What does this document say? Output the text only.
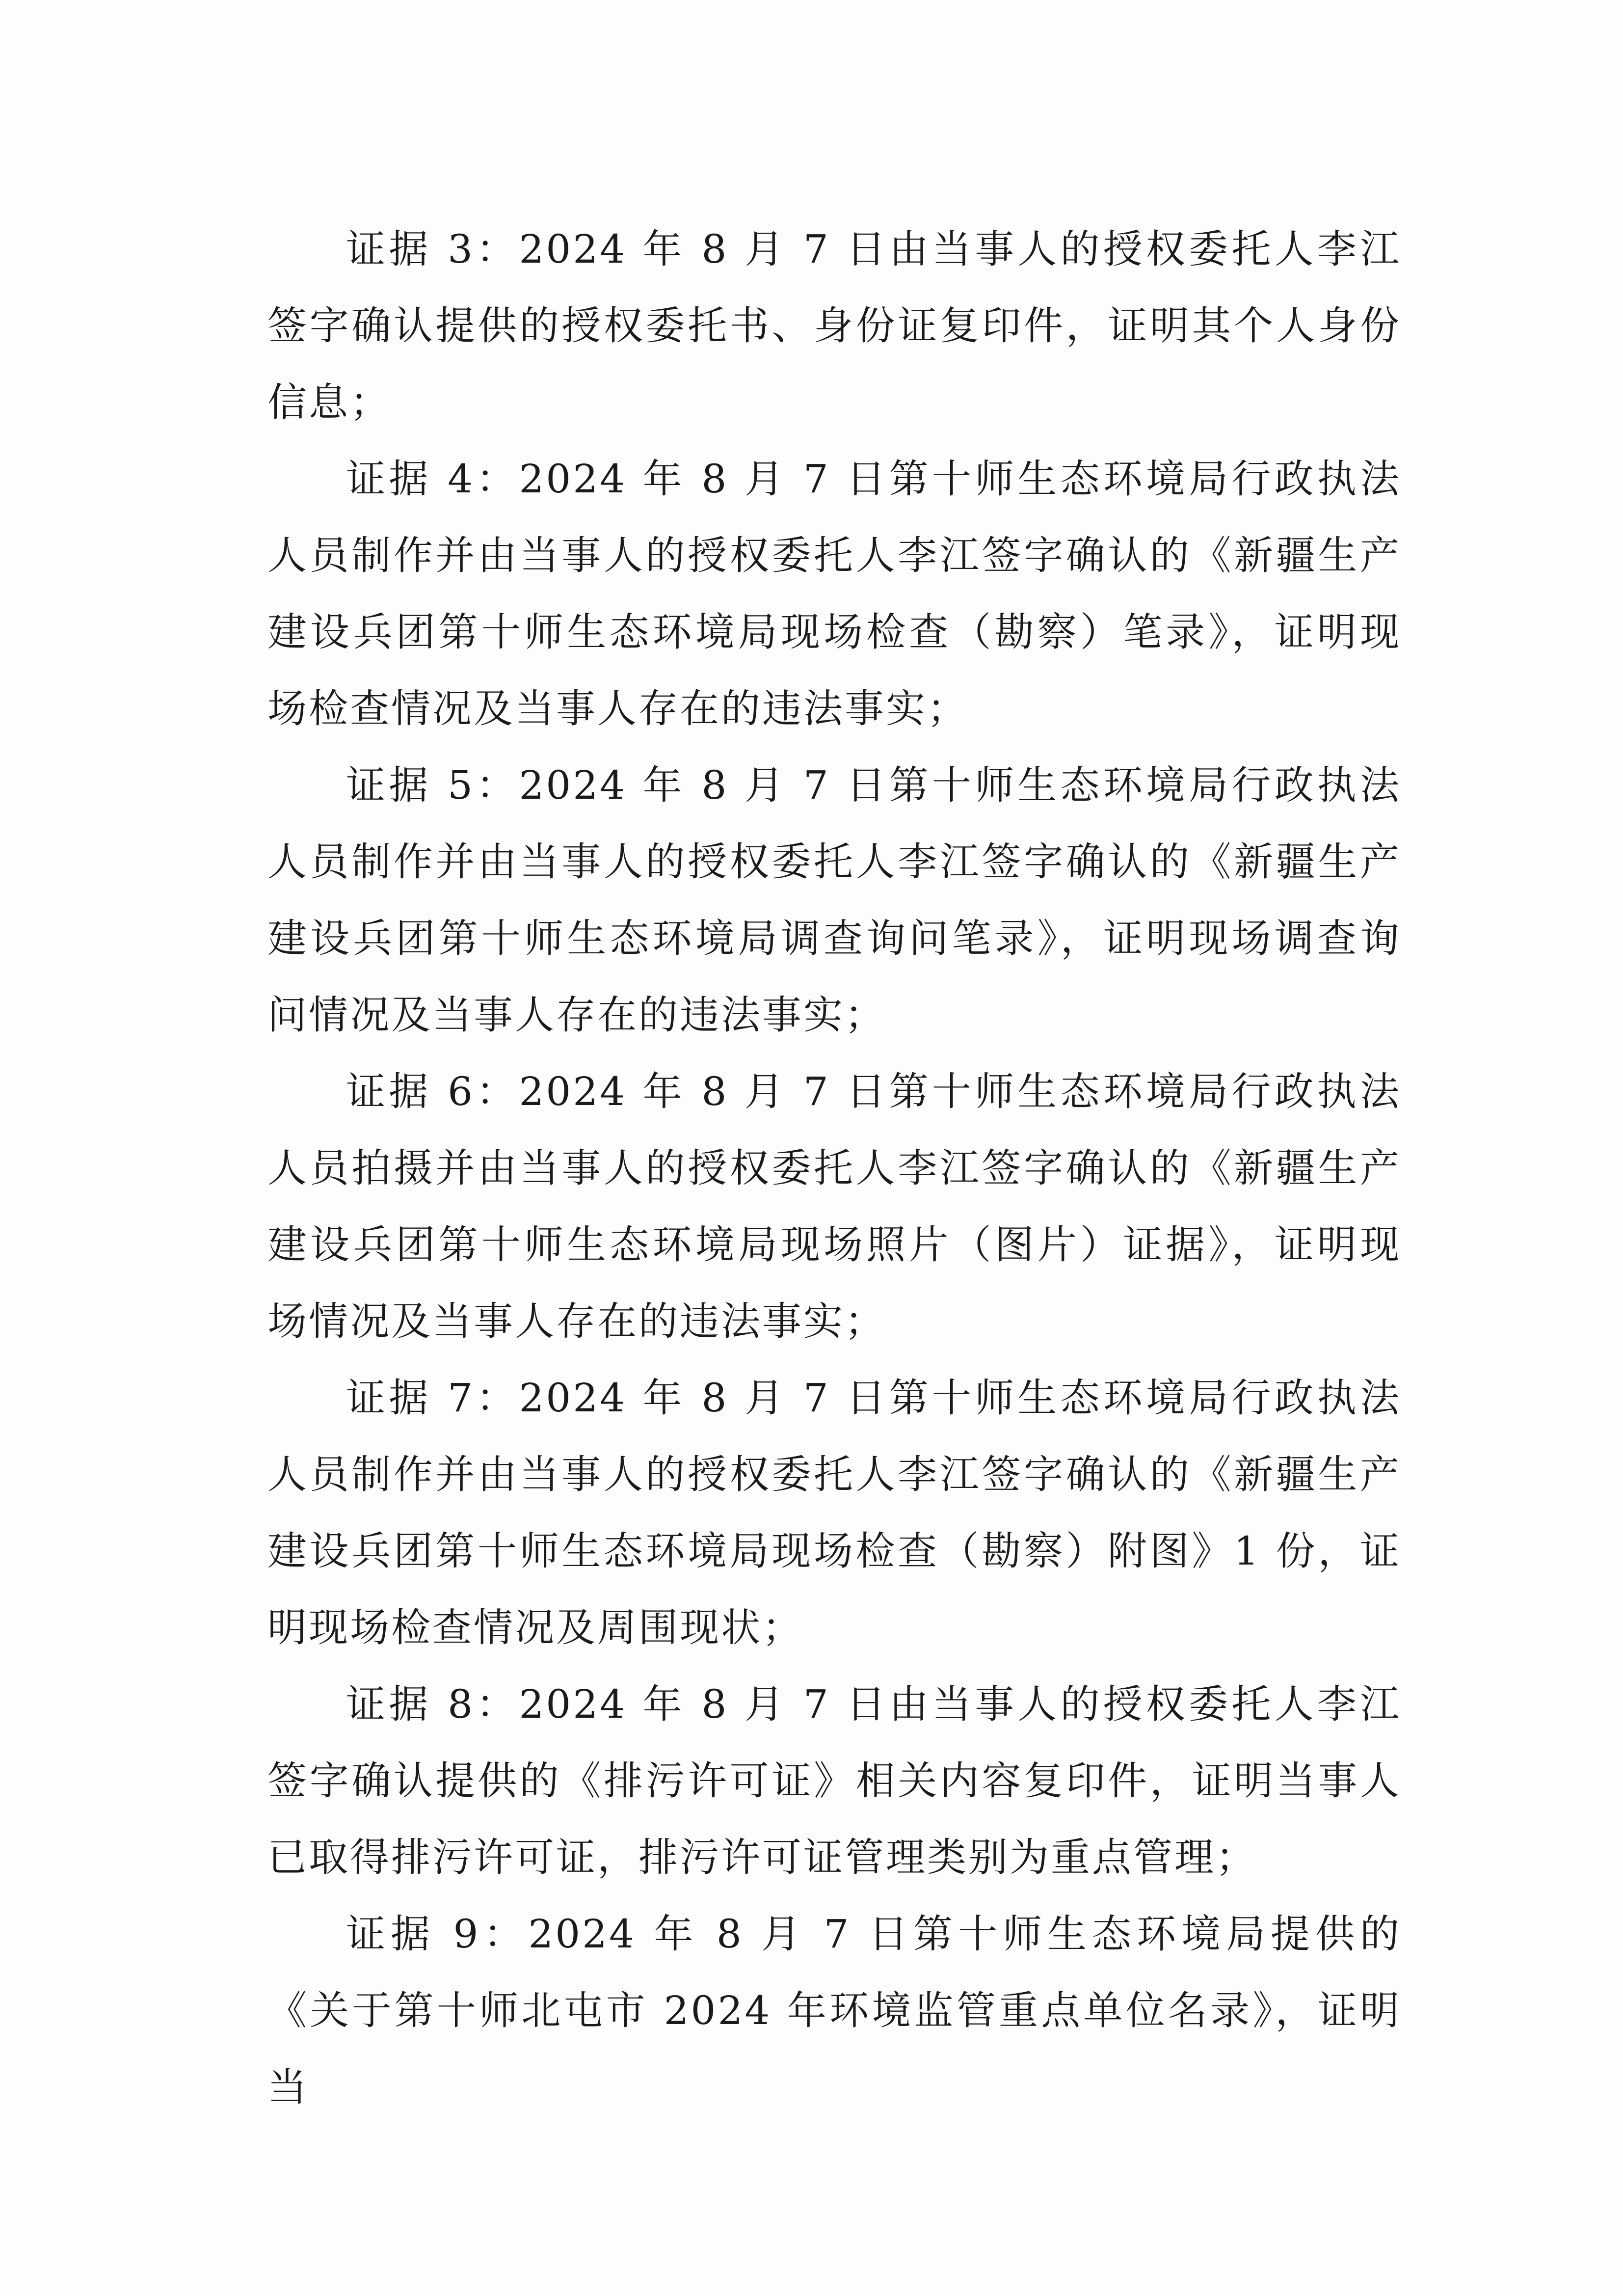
证据 3：2024 年 8 月 7 日由当事人的授权委托人李江签字确认提供的授权委托书、身份证复印件，证明其个人身份信息；

证据 4：2024 年 8 月 7 日第十师生态环境局行政执法人员制作并由当事人的授权委托人李江签字确认的《新疆生产建设兵团第十师生态环境局现场检查（勘察）笔录》，证明现场检查情况及当事人存在的违法事实；

证据 5：2024 年 8 月 7 日第十师生态环境局行政执法人员制作并由当事人的授权委托人李江签字确认的《新疆生产建设兵团第十师生态环境局调查询问笔录》，证明现场调查询问情况及当事人存在的违法事实；

证据 6：2024 年 8 月 7 日第十师生态环境局行政执法人员拍摄并由当事人的授权委托人李江签字确认的《新疆生产建设兵团第十师生态环境局现场照片（图片）证据》，证明现场情况及当事人存在的违法事实；

证据 7：2024 年 8 月 7 日第十师生态环境局行政执法人员制作并由当事人的授权委托人李江签字确认的《新疆生产建设兵团第十师生态环境局现场检查（勘察）附图》1 份，证明现场检查情况及周围现状；

证据 8：2024 年 8 月 7 日由当事人的授权委托人李江签字确认提供的《排污许可证》相关内容复印件，证明当事人已取得排污许可证，排污许可证管理类别为重点管理；

证据 9：2024 年 8 月 7 日第十师生态环境局提供的《关于第十师北屯市 2024 年环境监管重点单位名录》，证明当
